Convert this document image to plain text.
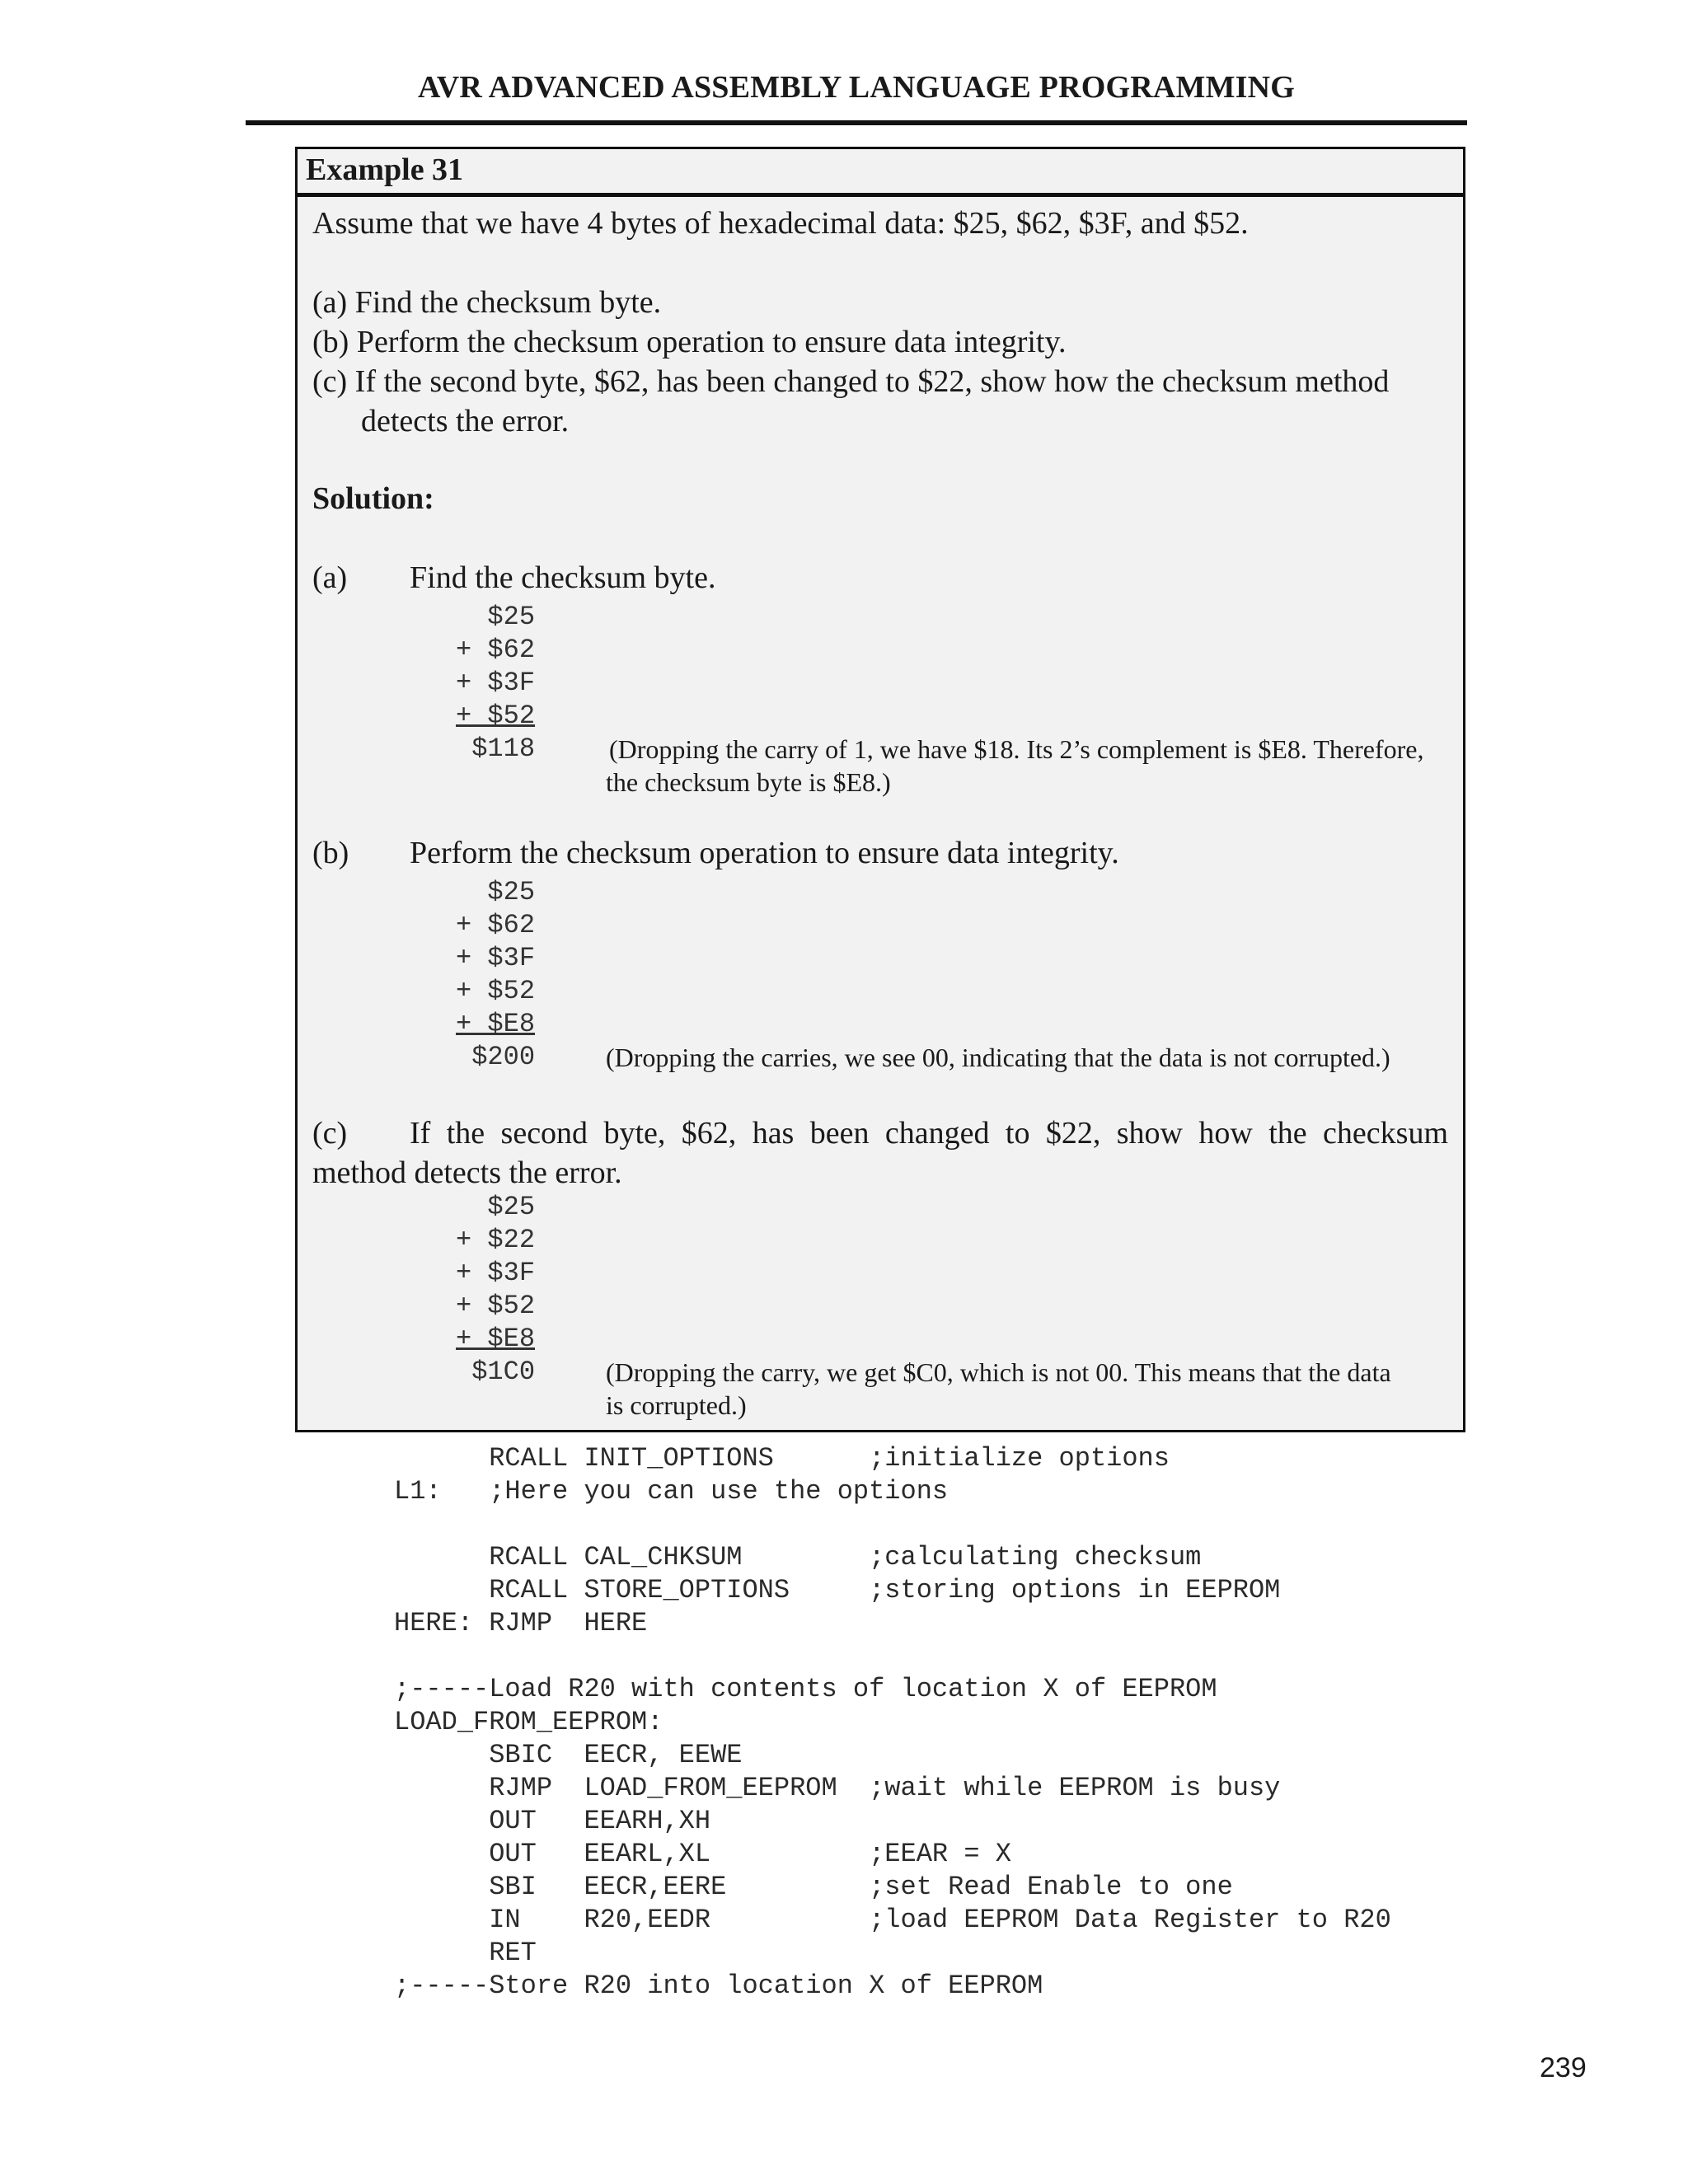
AVR ADVANCED ASSEMBLY LANGUAGE PROGRAMMING
Example 31
Assume that we have 4 bytes of hexadecimal data: $25, $62, $3F, and $52.
(a) Find the checksum byte.
(b) Perform the checksum operation to ensure data integrity.
(c) If the second byte, $62, has been changed to $22, show how the checksum method
detects the error.
Solution:
(a) Find the checksum byte.
$25
+ $62
+ $3F
+ $52
$118	(Dropping the carry of 1, we have $18. Its 2’s complement is $E8. Therefore,
the checksum byte is $E8.)
(b) Perform the checksum operation to ensure data integrity.
$25
+ $62
+ $3F
+ $52
+ $E8
$200	(Dropping the carries, we see 00, indicating that the data is not corrupted.)
(c) If the second byte, $62, has been changed to $22, show how the checksum
method detects the error.
$25
+ $22
+ $3F
+ $52
+ $E8
$1C0	(Dropping the carry, we get $C0, which is not 00. This means that the data
is corrupted.)
RCALL INIT_OPTIONS      ;initialize options
L1:   ;Here you can use the options
RCALL CAL_CHKSUM        ;calculating checksum
RCALL STORE_OPTIONS     ;storing options in EEPROM
HERE: RJMP  HERE
;-----Load R20 with contents of location X of EEPROM
LOAD_FROM_EEPROM:
SBIC  EECR, EEWE
RJMP  LOAD_FROM_EEPROM  ;wait while EEPROM is busy
OUT   EEARH,XH
OUT   EEARL,XL          ;EEAR = X
SBI   EECR,EERE         ;set Read Enable to one
IN    R20,EEDR          ;load EEPROM Data Register to R20
RET
;-----Store R20 into location X of EEPROM
239
